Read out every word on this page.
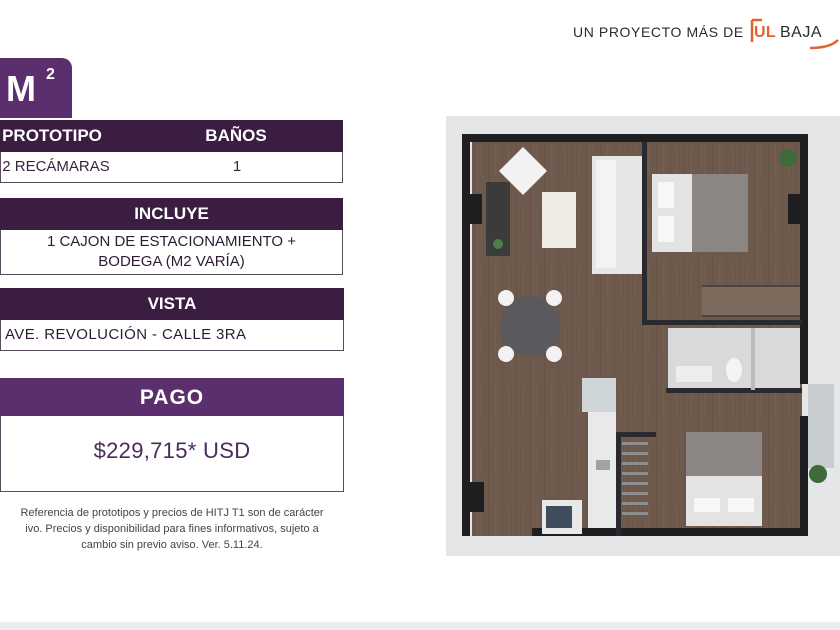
UN PROYECTO MÁS DE UL BAJA
M 2
PROTOTIPO	BAÑOS
2 RECÁMARAS	1
INCLUYE
1 CAJON DE ESTACIONAMIENTO +
BODEGA (M2 VARÍA)
VISTA
AVE. REVOLUCIÓN - CALLE 3RA
PAGO
$229,715* USD
Referencia de prototipos y precios de HITJ T1 son de carácter
ivo. Precios y disponibilidad para fines informativos, sujeto a
cambio sin previo aviso. Ver. 5.11.24.
